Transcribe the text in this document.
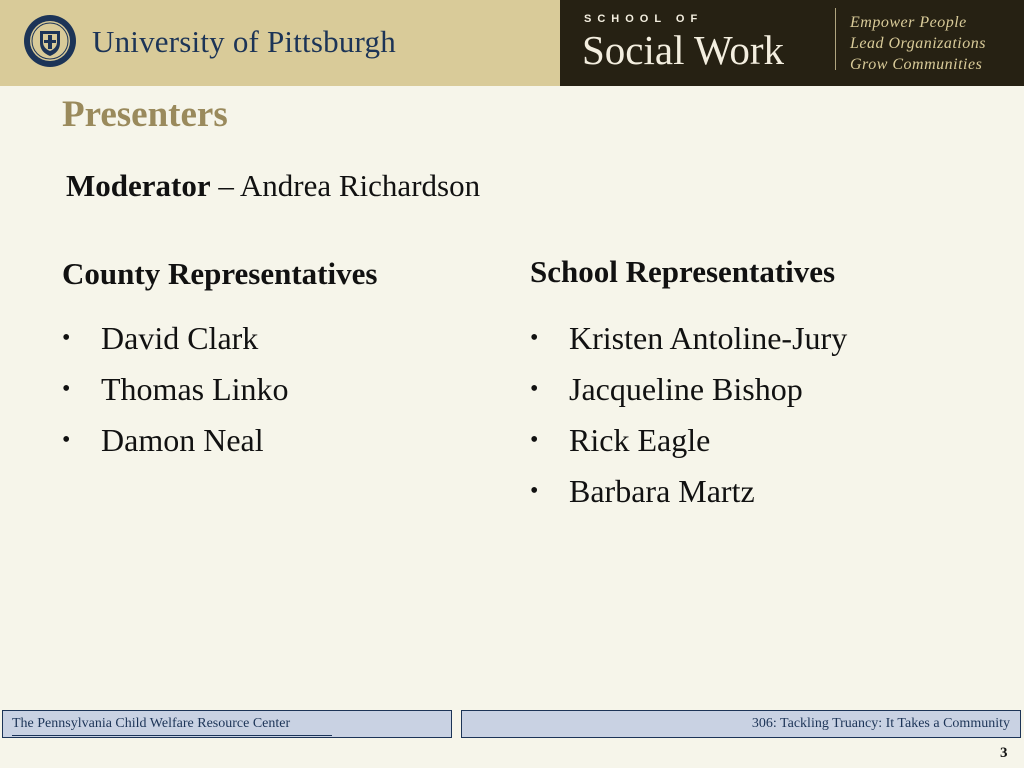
University of Pittsburgh
SCHOOL OF
Social Work
Empower People
Lead Organizations
Grow Communities
Presenters
Moderator – Andrea Richardson
County Representatives	School Representatives
• David Clark
• Thomas Linko
• Damon Neal
• Kristen Antoline-Jury
• Jacqueline Bishop
• Rick Eagle
• Barbara Martz
The Pennsylvania Child Welfare Resource Center	306: Tackling Truancy: It Takes a Community
3
